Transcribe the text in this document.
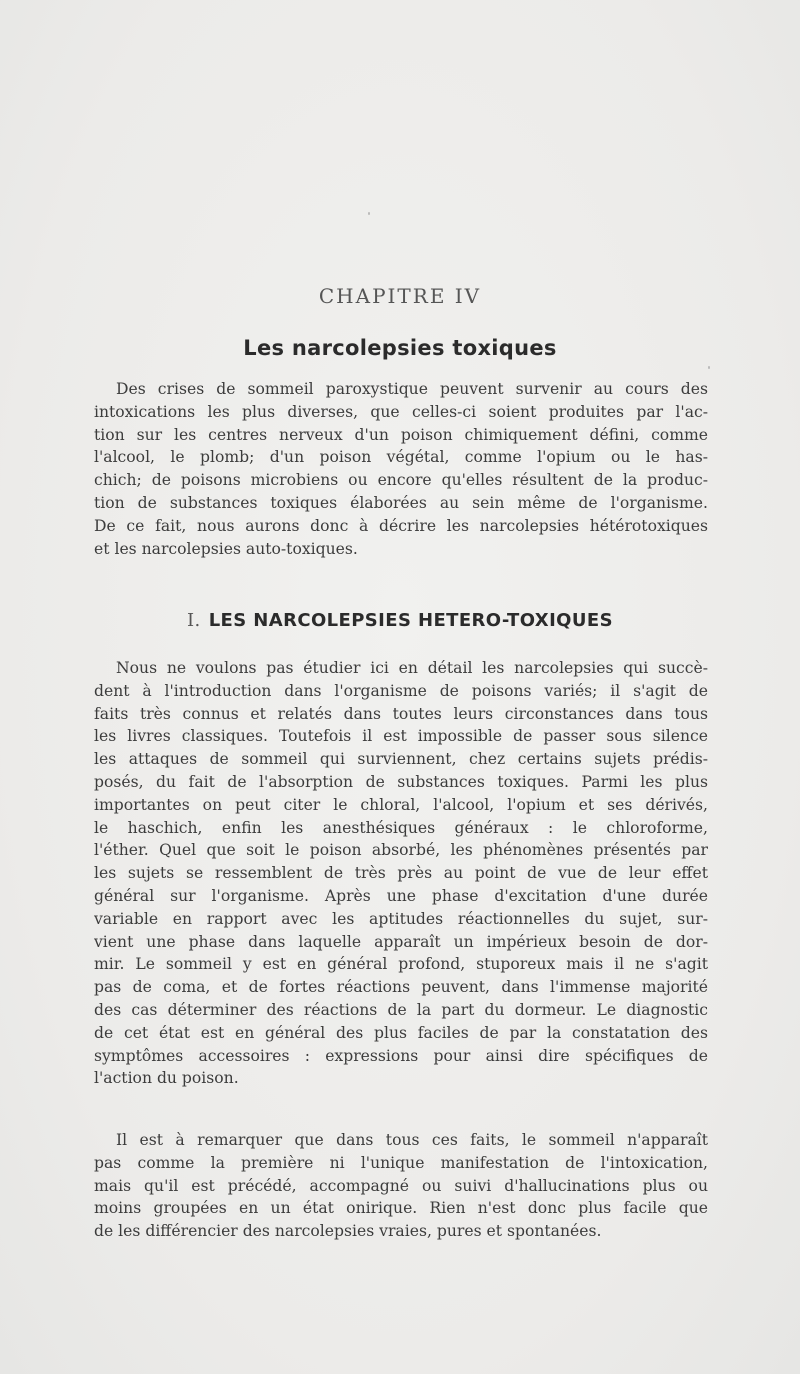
CHAPITRE IV
Les narcolepsies toxiques

Des crises de sommeil paroxystique peuvent survenir au cours des
intoxications les plus diverses, que celles-ci soient produites par l'ac-
tion sur les centres nerveux d'un poison chimiquement défini, comme
l'alcool, le plomb; d'un poison végétal, comme l'opium ou le has-
chich; de poisons microbiens ou encore qu'elles résultent de la produc-
tion de substances toxiques élaborées au sein même de l'organisme.
De ce fait, nous aurons donc à décrire les narcolepsies hétérotoxiques
et les narcolepsies auto-toxiques.

I. LES NARCOLEPSIES HETERO-TOXIQUES

Nous ne voulons pas étudier ici en détail les narcolepsies qui succè-
dent à l'introduction dans l'organisme de poisons variés; il s'agit de
faits très connus et relatés dans toutes leurs circonstances dans tous
les livres classiques. Toutefois il est impossible de passer sous silence
les attaques de sommeil qui surviennent, chez certains sujets prédis-
posés, du fait de l'absorption de substances toxiques. Parmi les plus
importantes on peut citer le chloral, l'alcool, l'opium et ses dérivés,
le haschich, enfin les anesthésiques généraux : le chloroforme,
l'éther. Quel que soit le poison absorbé, les phénomènes présentés par
les sujets se ressemblent de très près au point de vue de leur effet
général sur l'organisme. Après une phase d'excitation d'une durée
variable en rapport avec les aptitudes réactionnelles du sujet, sur-
vient une phase dans laquelle apparaît un impérieux besoin de dor-
mir. Le sommeil y est en général profond, stuporeux mais il ne s'agit
pas de coma, et de fortes réactions peuvent, dans l'immense majorité
des cas déterminer des réactions de la part du dormeur. Le diagnostic
de cet état est en général des plus faciles de par la constatation des
symptômes accessoires : expressions pour ainsi dire spécifiques de
l'action du poison.

Il est à remarquer que dans tous ces faits, le sommeil n'apparaît
pas comme la première ni l'unique manifestation de l'intoxication,
mais qu'il est précédé, accompagné ou suivi d'hallucinations plus ou
moins groupées en un état onirique. Rien n'est donc plus facile que
de les différencier des narcolepsies vraies, pures et spontanées.
